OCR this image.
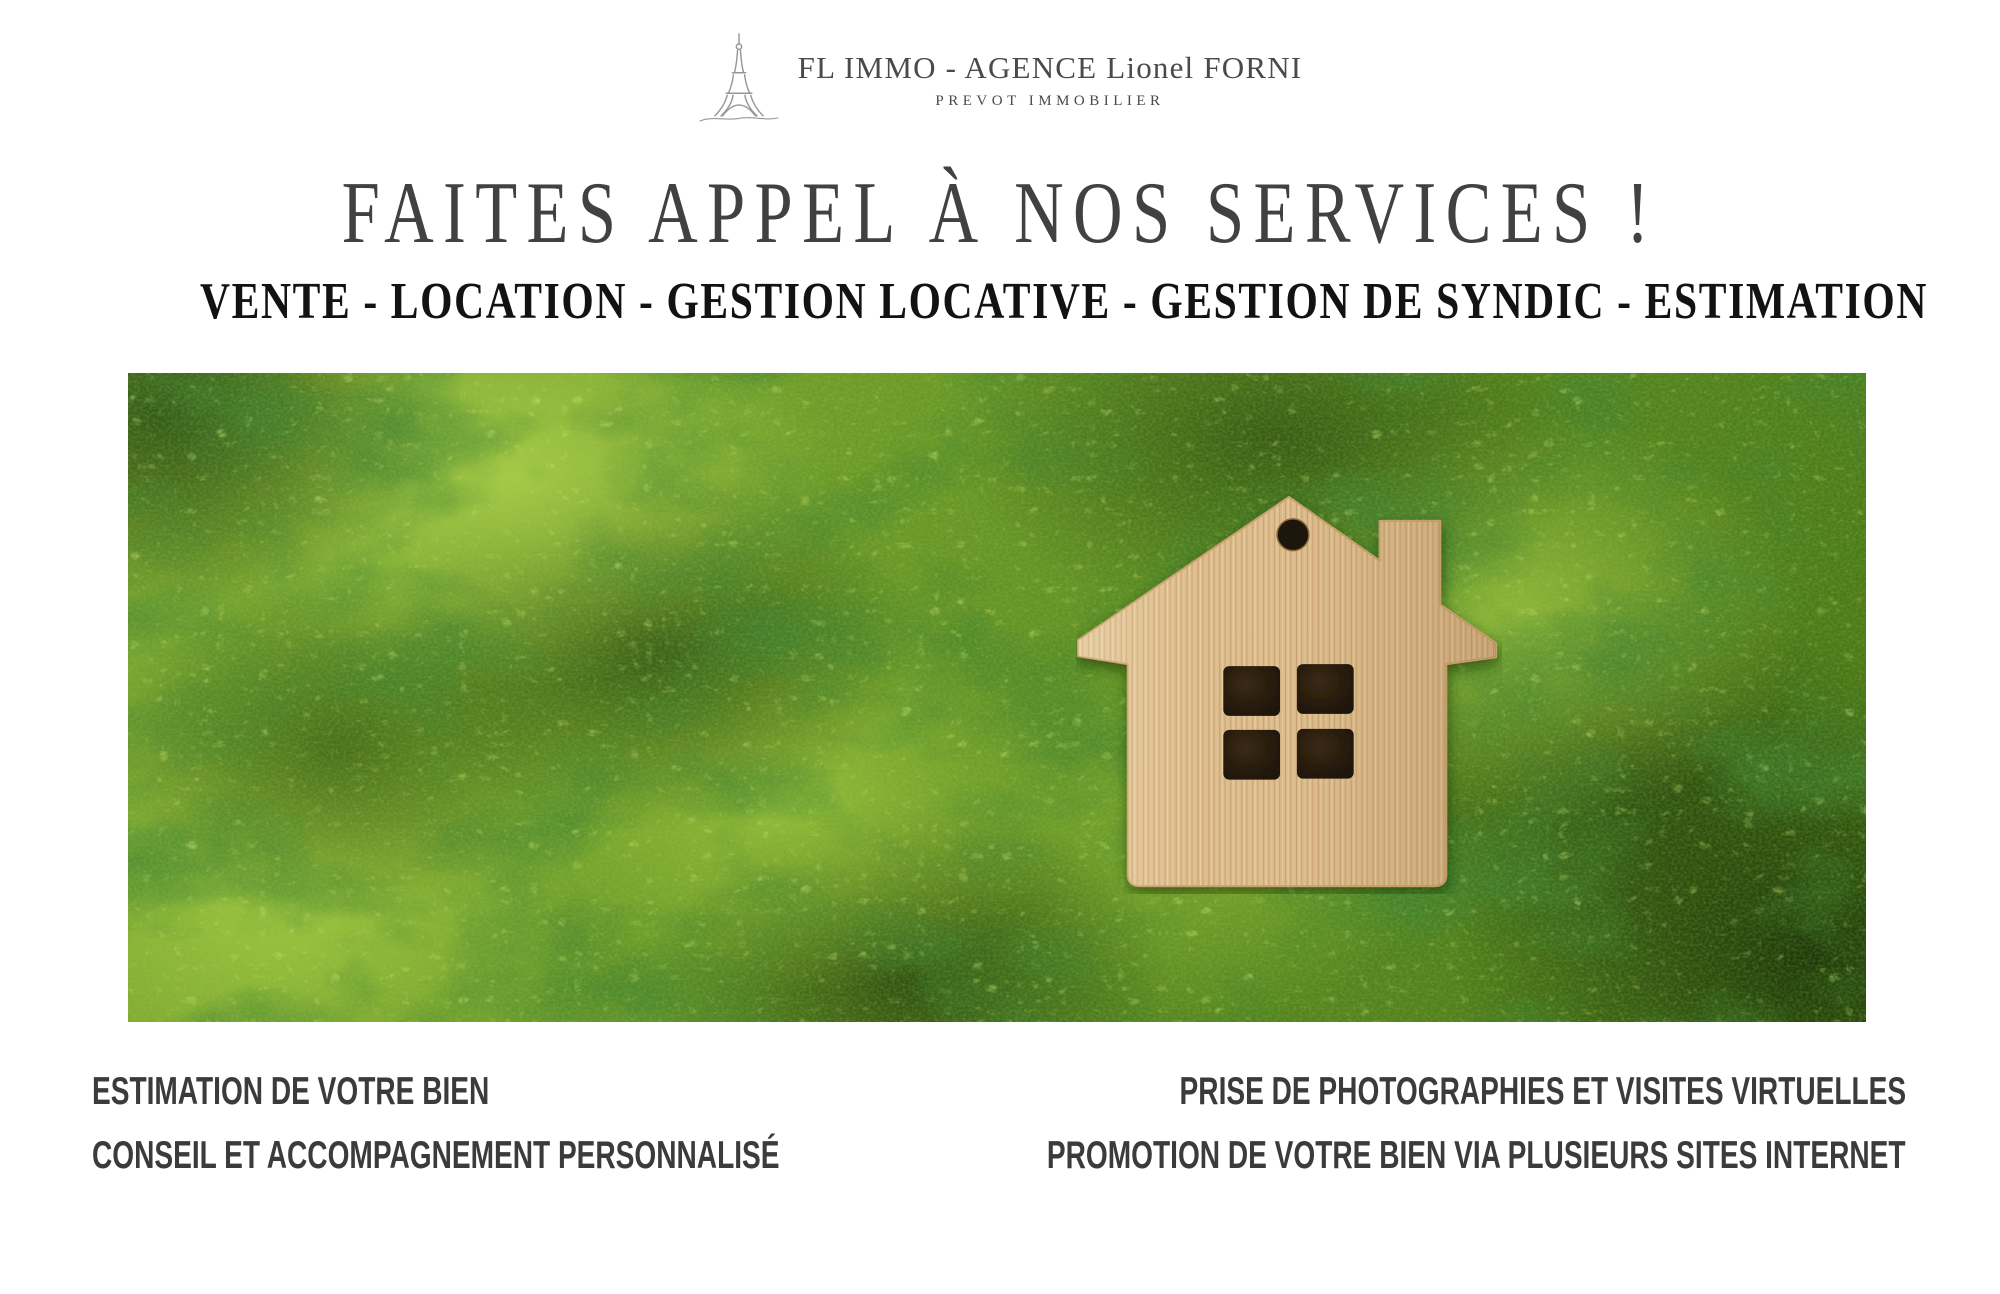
FL IMMO - AGENCE Lionel FORNI
PREVOT IMMOBILIER
FAITES APPEL À NOS SERVICES !
VENTE - LOCATION - GESTION LOCATIVE - GESTION DE SYNDIC - ESTIMATION
ESTIMATION DE VOTRE BIEN
CONSEIL ET ACCOMPAGNEMENT PERSONNALISÉ
PRISE DE PHOTOGRAPHIES ET VISITES VIRTUELLES
PROMOTION DE VOTRE BIEN VIA PLUSIEURS SITES INTERNET
